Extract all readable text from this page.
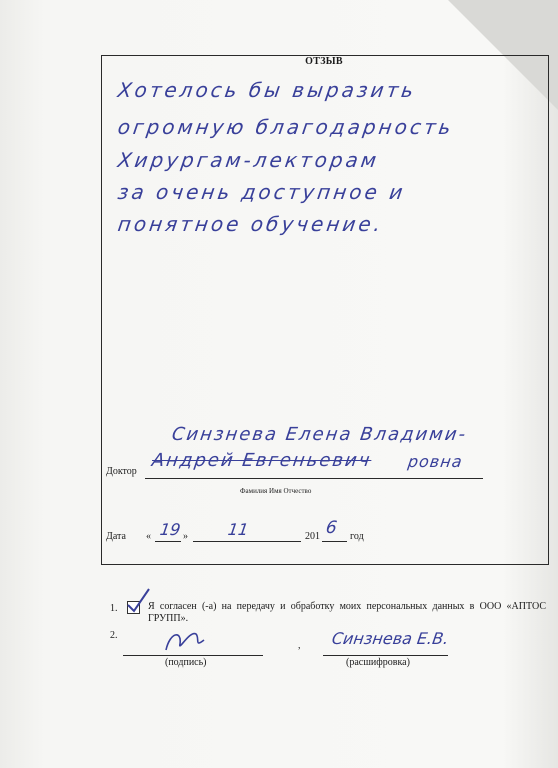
ОТЗЫВ
Хотелось бы выразить
огромную благодарность
Хирургам-лекторам
за очень доступное и
понятное обучение.
Синзнева Елена Владими-
ровна
Доктор
Андрей Евгеньевич
Фамилия Имя Отчество
Дата « 19 » 11	201 6 год
1.	Я согласен (-а) на передачу и обработку моих персональных данных в ООО «АПТОС ГРУПП».
2.
(подпись)
, Синзнева Е.В.
(расшифровка)
